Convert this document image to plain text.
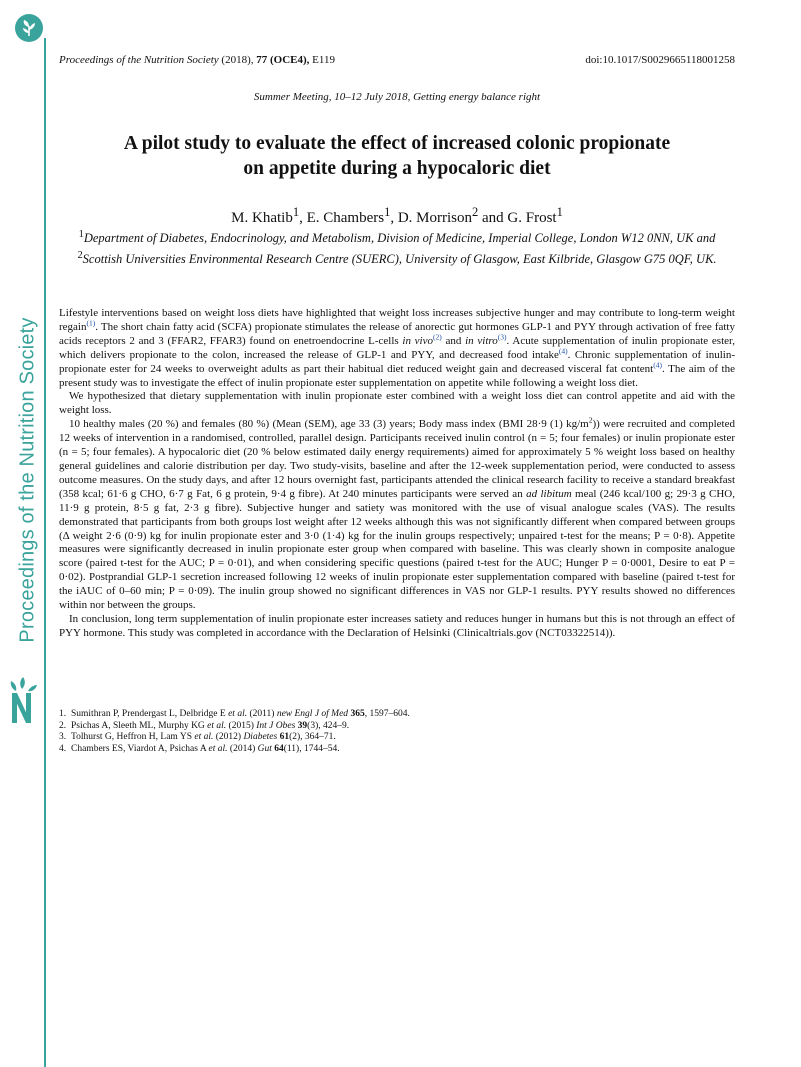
Proceedings of the Nutrition Society
Proceedings of the Nutrition Society (2018), 77 (OCE4), E119	doi:10.1017/S0029665118001258
Summer Meeting, 10–12 July 2018, Getting energy balance right
A pilot study to evaluate the effect of increased colonic propionate
on appetite during a hypocaloric diet
M. Khatib$^1$, E. Chambers$^1$, D. Morrison$^2$ and G. Frost$^1$
$^1$Department of Diabetes, Endocrinology, and Metabolism, Division of Medicine, Imperial College, London W12 0NN, UK and $^2$Scottish Universities Environmental Research Centre (SUERC), University of Glasgow, East Kilbride, Glasgow G75 0QF, UK.

Lifestyle interventions based on weight loss diets have highlighted that weight loss increases subjective hunger and may contribute to long-term weight regain$^{(1)}$. The short chain fatty acid (SCFA) propionate stimulates the release of anorectic gut hormones GLP-1 and PYY through activation of free fatty acids receptors 2 and 3 (FFAR2, FFAR3) found on enetroendocrine L-cells in vivo$^{(2)}$ and in vitro$^{(3)}$. Acute supplementation of inulin propionate ester, which delivers propionate to the colon, increased the release of GLP-1 and PYY, and decreased food intake$^{(4)}$. Chronic supplementation of inulin-propionate ester for 24 weeks to overweight adults as part their habitual diet reduced weight gain and decreased visceral fat content$^{(4)}$. The aim of the present study was to investigate the effect of inulin propionate ester supplementation on appetite while following a weight loss diet.

We hypothesized that dietary supplementation with inulin propionate ester combined with a weight loss diet can control appetite and aid with the weight loss.

10 healthy males (20 %) and females (80 %) (Mean (SEM), age 33 (3) years; Body mass index (BMI 28·9 (1) $kg/m^2$)) were recruited and completed 12 weeks of intervention in a randomised, controlled, parallel design. Participants received inulin control (n = 5; four females) or inulin propionate ester (n = 5; four females). A hypocaloric diet (20 % below estimated daily energy requirements) aimed for approximately 5 % weight loss based on healthy general guidelines and calorie distribution per day. Two study-visits, baseline and after the 12-week supplementation period, were conducted to assess outcome measures. On the study days, and after 12 hours overnight fast, participants attended the clinical research facility to receive a standard breakfast (358 kcal; 61·6 g CHO, 6·7 g Fat, 6 g protein, 9·4 g fibre). At 240 minutes participants were served an ad libitum meal (246 kcal/100 g; 29·3 g CHO, 11·9 g protein, 8·5 g fat, 2·3 g fibre). Subjective hunger and satiety was monitored with the use of visual analogue scales (VAS). The results demonstrated that participants from both groups lost weight after 12 weeks although this was not significantly different when compared between groups (Δ weight 2·6 (0·9) kg for inulin propionate ester and 3·0 (1·4) kg for the inulin groups respectively; unpaired t-test for the means; P = 0·8). Appetite measures were significantly decreased in inulin propionate ester group when compared with baseline. This was clearly shown in composite analogue score (paired t-test for the AUC; P = 0·01), and when considering specific questions (paired t-test for the AUC; Hunger P = 0·0001, Desire to eat P = 0·02). Postprandial GLP-1 secretion increased following 12 weeks of inulin propionate ester supplementation compared with baseline (paired t-test for the iAUC of 0–60 min; P = 0·09). The inulin group showed no significant differences in VAS nor GLP-1 results. PYY results showed no differences within nor between the groups.

In conclusion, long term supplementation of inulin propionate ester increases satiety and reduces hunger in humans but this is not through an effect of PYY hormone. This study was completed in accordance with the Declaration of Helsinki (Clinicaltrials.gov (NCT03322514)).

1. Sumithran P, Prendergast L, Delbridge E et al. (2011) new Engl J of Med 365, 1597–604.
2. Psichas A, Sleeth ML, Murphy KG et al. (2015) Int J Obes 39(3), 424–9.
3. Tolhurst G, Heffron H, Lam YS et al. (2012) Diabetes 61(2), 364–71.
4. Chambers ES, Viardot A, Psichas A et al. (2014) Gut 64(11), 1744–54.
